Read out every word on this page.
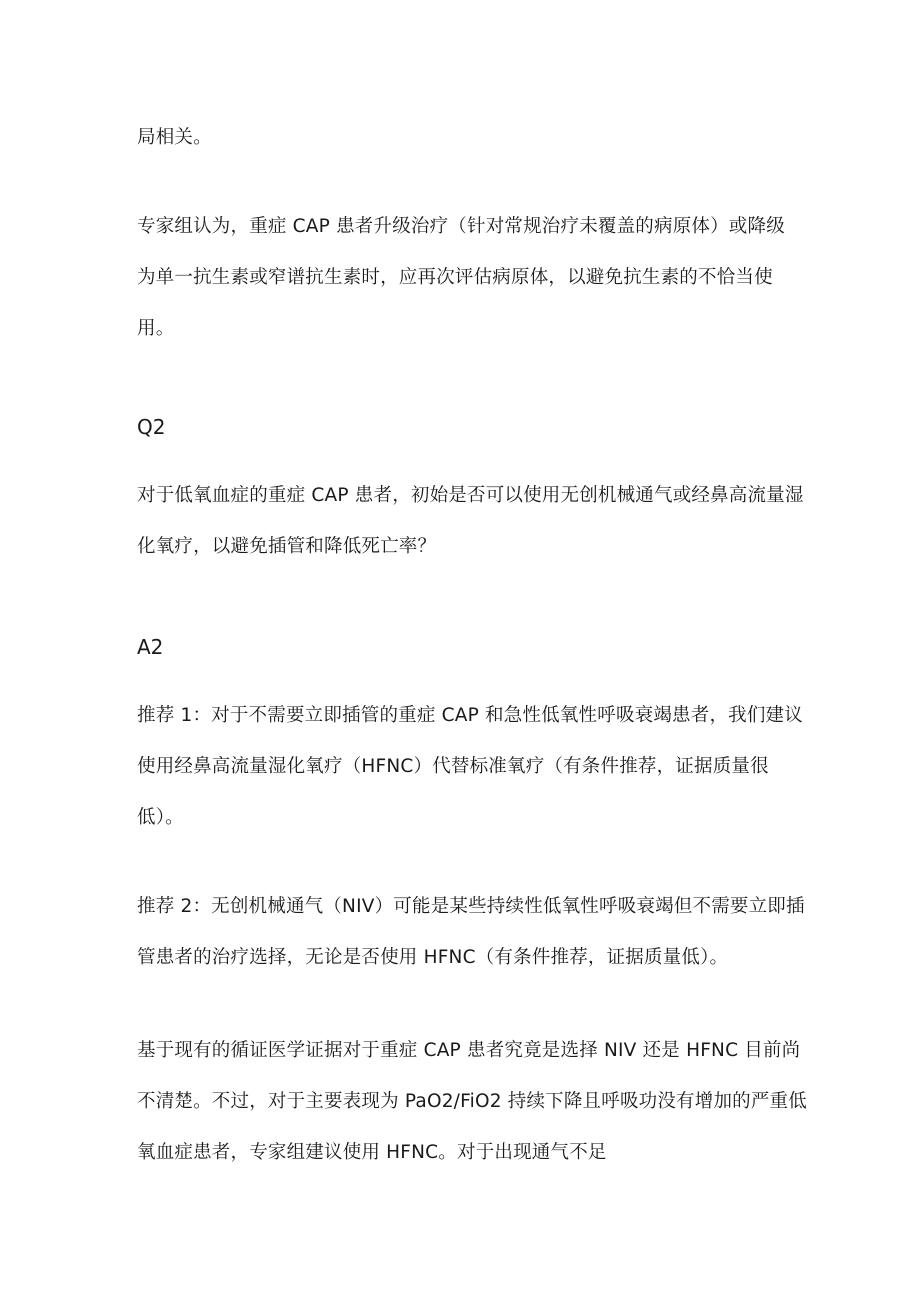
局相关。
专家组认为，重症 CAP 患者升级治疗（针对常规治疗未覆盖的病原体）或降级
为单一抗生素或窄谱抗生素时，应再次评估病原体，以避免抗生素的不恰当使
用。
Q2
对于低氧血症的重症 CAP 患者，初始是否可以使用无创机械通气或经鼻高流量湿
化氧疗，以避免插管和降低死亡率？
A2
推荐 1：对于不需要立即插管的重症 CAP 和急性低氧性呼吸衰竭患者，我们建议
使用经鼻高流量湿化氧疗（HFNC）代替标准氧疗（有条件推荐，证据质量很
低）。
推荐 2：无创机械通气（NIV）可能是某些持续性低氧性呼吸衰竭但不需要立即插
管患者的治疗选择，无论是否使用 HFNC（有条件推荐，证据质量低）。
基于现有的循证医学证据对于重症 CAP 患者究竟是选择 NIV 还是 HFNC 目前尚
不清楚。不过，对于主要表现为 PaO2/FiO2 持续下降且呼吸功没有增加的严重低
氧血症患者，专家组建议使用 HFNC。对于出现通气不足
